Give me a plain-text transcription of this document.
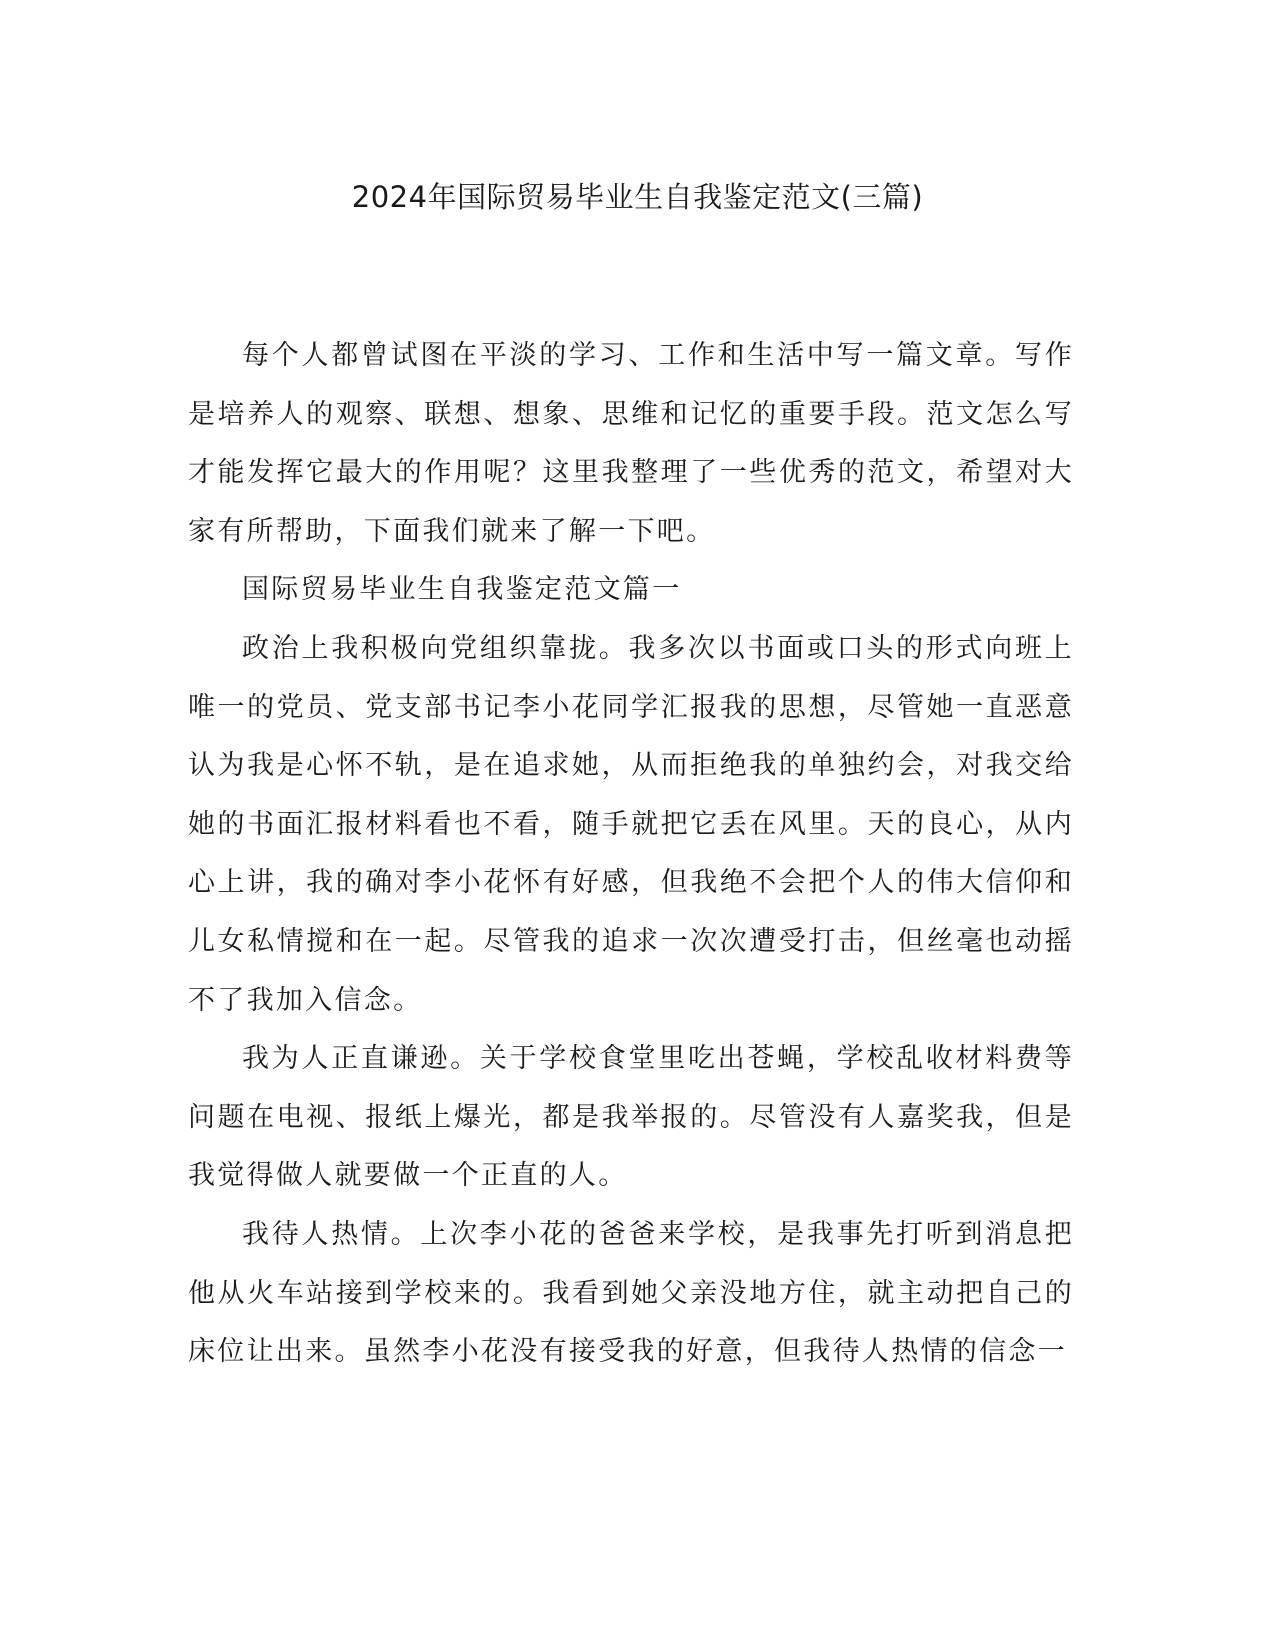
2024年国际贸易毕业生自我鉴定范文(三篇)

每个人都曾试图在平淡的学习、工作和生活中写一篇文章。写作是培养人的观察、联想、想象、思维和记忆的重要手段。范文怎么写才能发挥它最大的作用呢？这里我整理了一些优秀的范文，希望对大家有所帮助，下面我们就来了解一下吧。

国际贸易毕业生自我鉴定范文篇一

政治上我积极向党组织靠拢。我多次以书面或口头的形式向班上唯一的党员、党支部书记李小花同学汇报我的思想，尽管她一直恶意认为我是心怀不轨，是在追求她，从而拒绝我的单独约会，对我交给她的书面汇报材料看也不看，随手就把它丢在风里。天的良心，从内心上讲，我的确对李小花怀有好感，但我绝不会把个人的伟大信仰和儿女私情搅和在一起。尽管我的追求一次次遭受打击，但丝毫也动摇不了我加入信念。

我为人正直谦逊。关于学校食堂里吃出苍蝇，学校乱收材料费等问题在电视、报纸上爆光，都是我举报的。尽管没有人嘉奖我，但是我觉得做人就要做一个正直的人。

我待人热情。上次李小花的爸爸来学校，是我事先打听到消息把他从火车站接到学校来的。我看到她父亲没地方住，就主动把自己的床位让出来。虽然李小花没有接受我的好意，但我待人热情的信念一
